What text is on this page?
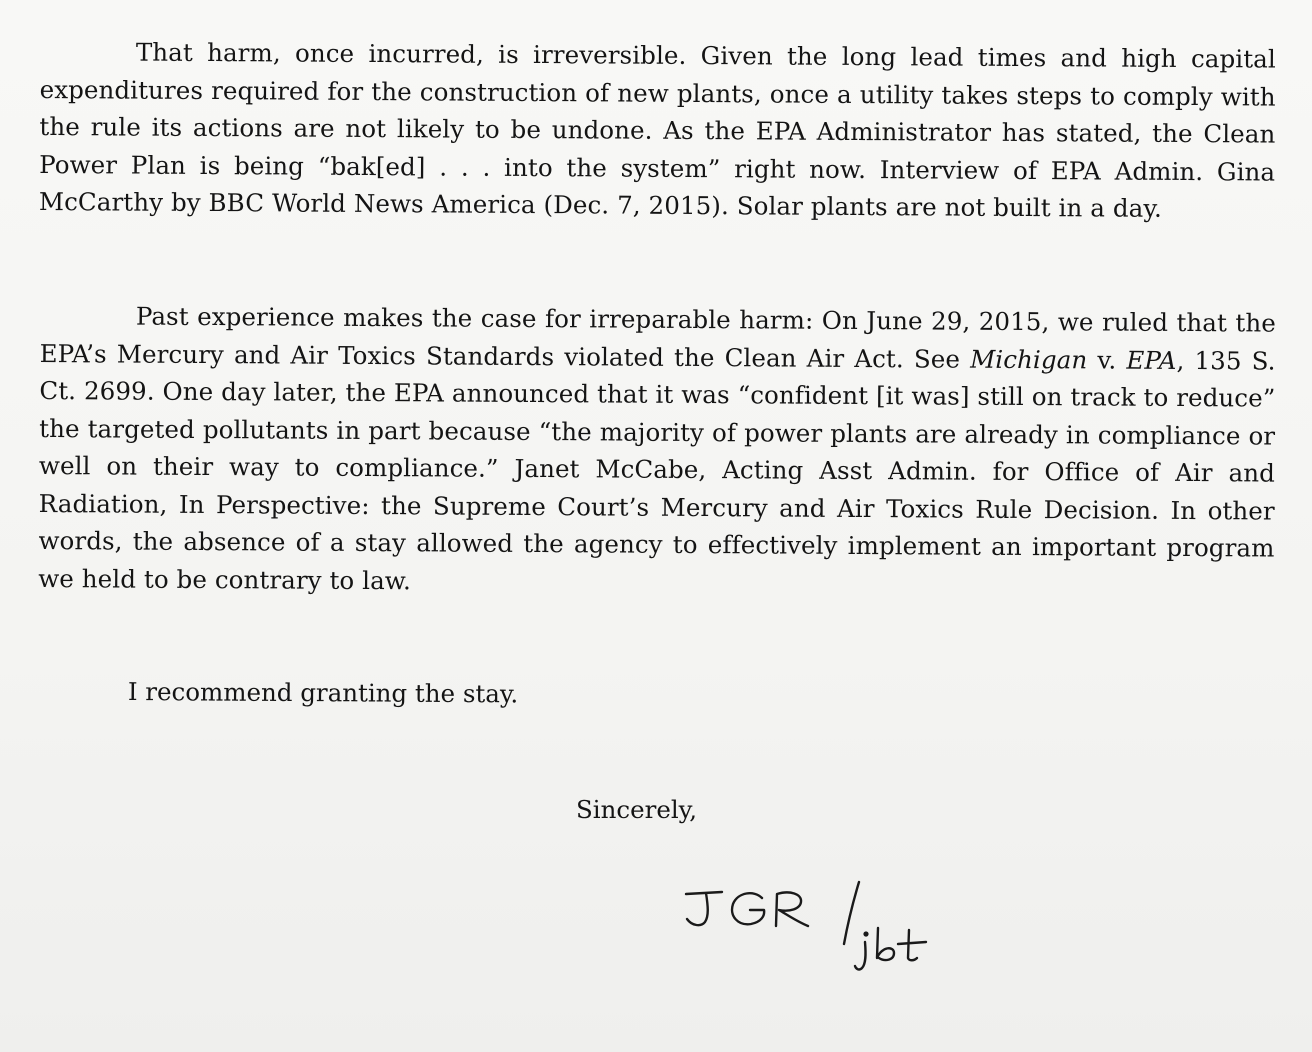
That harm, once incurred, is irreversible. Given the long lead times and high capital expenditures required for the construction of new plants, once a utility takes steps to comply with the rule its actions are not likely to be undone. As the EPA Administrator has stated, the Clean Power Plan is being “bak[ed] . . . into the system” right now. Interview of EPA Admin. Gina McCarthy by BBC World News America (Dec. 7, 2015). Solar plants are not built in a day.

Past experience makes the case for irreparable harm: On June 29, 2015, we ruled that the EPA’s Mercury and Air Toxics Standards violated the Clean Air Act. See Michigan v. EPA, 135 S. Ct. 2699. One day later, the EPA announced that it was “confident [it was] still on track to reduce” the targeted pollutants in part because “the majority of power plants are already in compliance or well on their way to compliance.” Janet McCabe, Acting Asst Admin. for Office of Air and Radiation, In Perspective: the Supreme Court’s Mercury and Air Toxics Rule Decision. In other words, the absence of a stay allowed the agency to effectively implement an important program we held to be contrary to law.

I recommend granting the stay.

Sincerely,
